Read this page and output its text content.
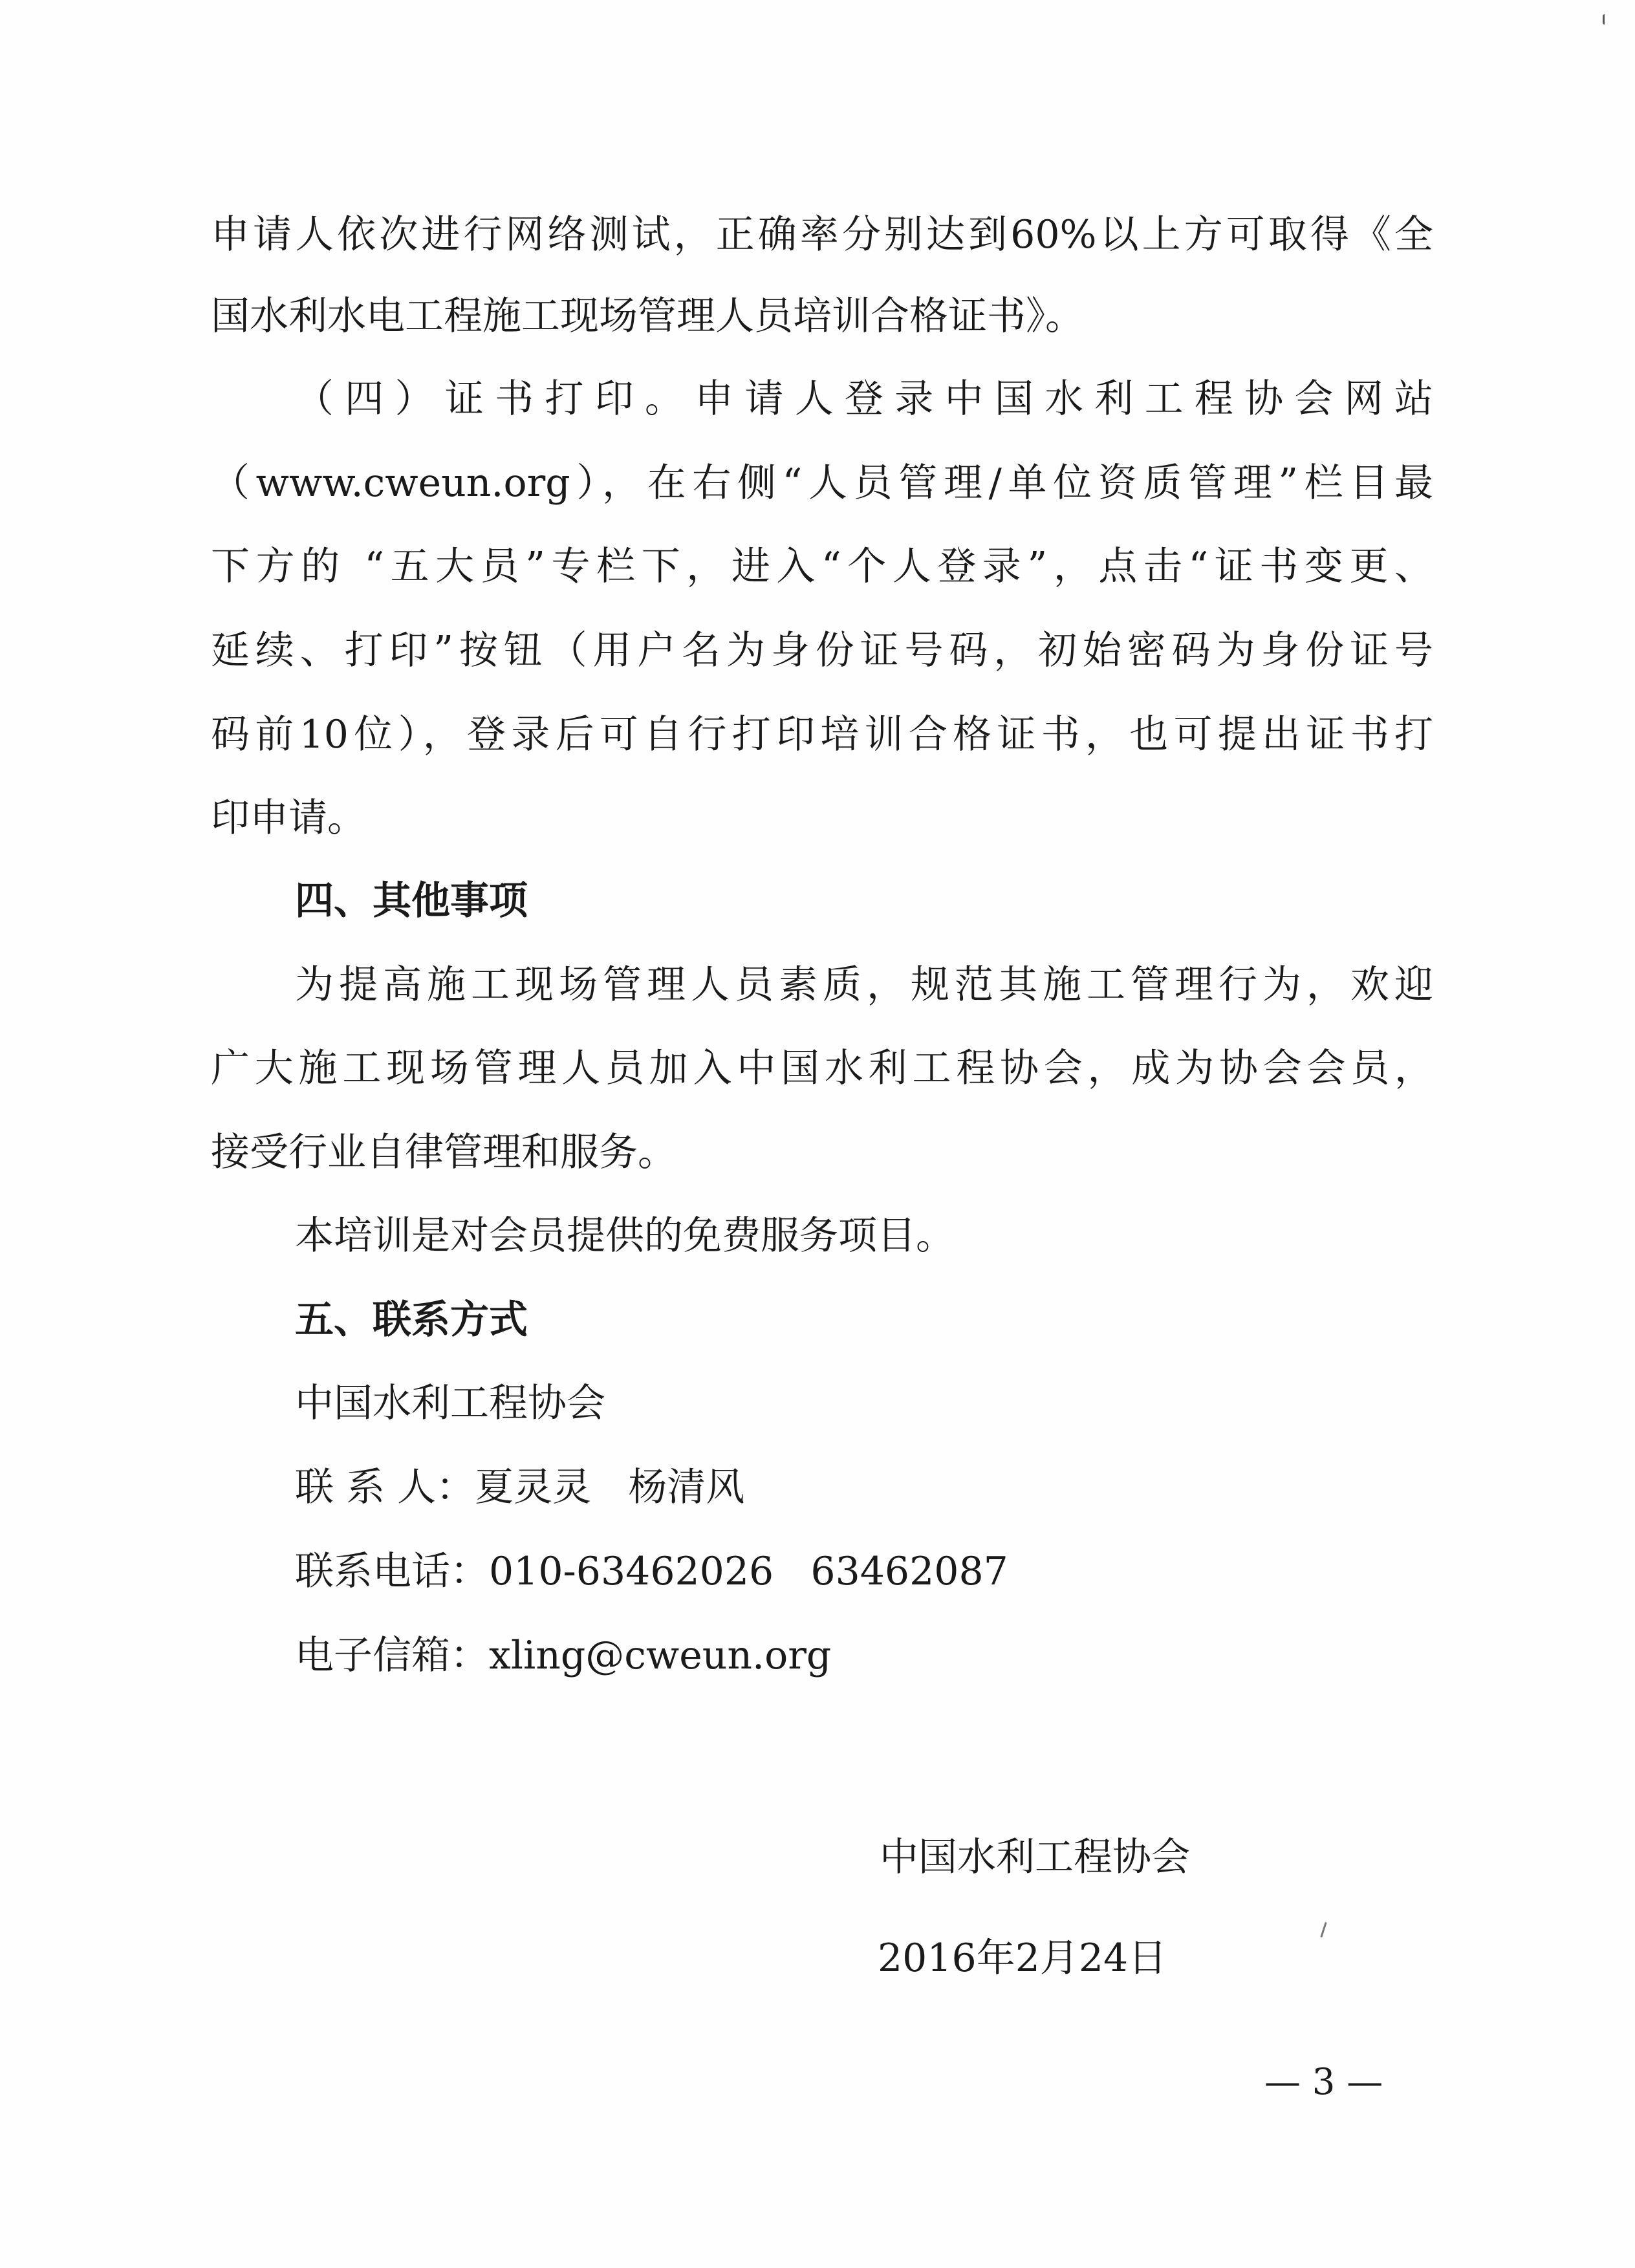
申请人依次进行网络测试，正确率分别达到60%以上方可取得《全
国水利水电工程施工现场管理人员培训合格证书》。
（四）证书打印。申请人登录中国水利工程协会网站
（www.cweun.org），在右侧“人员管理/单位资质管理”栏目最
下方的 “五大员”专栏下，进入“个人登录”，点击“证书变更、
延续、打印”按钮（用户名为身份证号码，初始密码为身份证号
码前10位），登录后可自行打印培训合格证书，也可提出证书打
印申请。
四、其他事项
为提高施工现场管理人员素质，规范其施工管理行为，欢迎
广大施工现场管理人员加入中国水利工程协会，成为协会会员，
接受行业自律管理和服务。
本培训是对会员提供的免费服务项目。
五、联系方式
中国水利工程协会
联 系 人：夏灵灵   杨清风
联系电话：010-63462026   63462087
电子信箱：xling@cweun.org
中国水利工程协会
2016年2月24日
— 3 —
